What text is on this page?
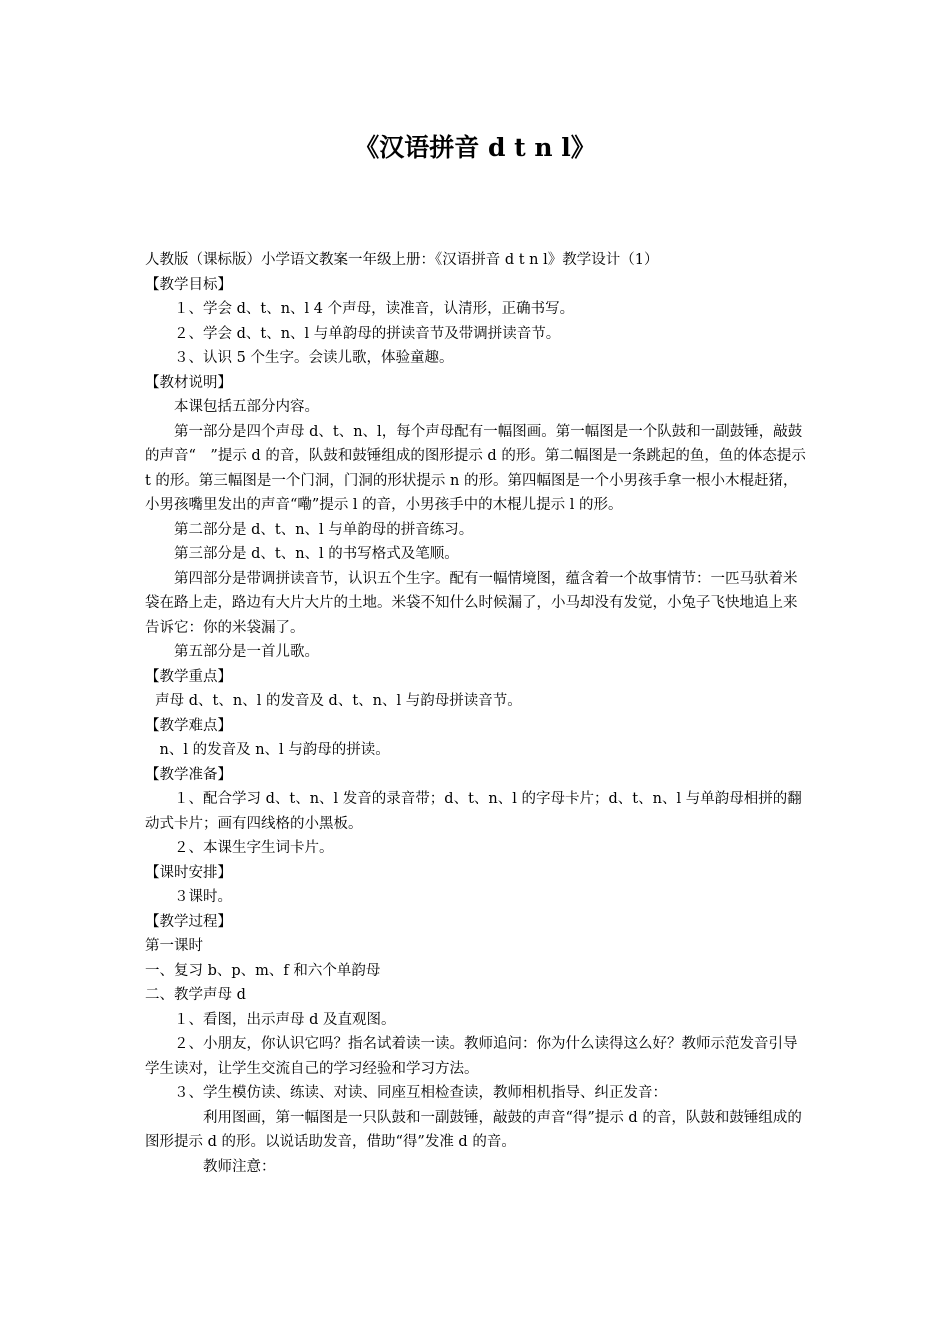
《汉语拼音 d t n l》

人教版（课标版）小学语文教案一年级上册：《汉语拼音 d t n l》教学设计（1）

【教学目标】

１、学会 d、t、n、l 4 个声母，读准音，认清形，正确书写。

２、学会 d、t、n、l 与单韵母的拼读音节及带调拼读音节。

３、认识 5 个生字。会读儿歌，体验童趣。

【教材说明】

本课包括五部分内容。

第一部分是四个声母 d、t、n、l，每个声母配有一幅图画。第一幅图是一个队鼓和一副鼓锤，敲鼓的声音“　”提示 d 的音，队鼓和鼓锤组成的图形提示 d 的形。第二幅图是一条跳起的鱼，鱼的体态提示 t 的形。第三幅图是一个门洞，门洞的形状提示 n 的形。第四幅图是一个小男孩手拿一根小木棍赶猪，小男孩嘴里发出的声音“嘞”提示 l 的音，小男孩手中的木棍儿提示 l 的形。

第二部分是 d、t、n、l 与单韵母的拼音练习。

第三部分是 d、t、n、l 的书写格式及笔顺。

第四部分是带调拼读音节，认识五个生字。配有一幅情境图，蕴含着一个故事情节：一匹马驮着米袋在路上走，路边有大片大片的土地。米袋不知什么时候漏了，小马却没有发觉，小兔子飞快地追上来告诉它：你的米袋漏了。

第五部分是一首儿歌。

【教学重点】

声母 d、t、n、l 的发音及 d、t、n、l 与韵母拼读音节。

【教学难点】

n、l 的发音及 n、l 与韵母的拼读。

【教学准备】

１、配合学习 d、t、n、l 发音的录音带；d、t、n、l 的字母卡片；d、t、n、l 与单韵母相拼的翻动式卡片；画有四线格的小黑板。

２、本课生字生词卡片。

【课时安排】

３课时。

【教学过程】

第一课时

一、复习 b、p、m、f 和六个单韵母

二、教学声母 d

１、看图，出示声母 d 及直观图。

２、小朋友，你认识它吗？指名试着读一读。教师追问：你为什么读得这么好？教师示范发音引导学生读对，让学生交流自己的学习经验和学习方法。

３、学生模仿读、练读、对读、同座互相检查读，教师相机指导、纠正发音：

利用图画，第一幅图是一只队鼓和一副鼓锤，敲鼓的声音“得”提示 d 的音，队鼓和鼓锤组成的图形提示 d 的形。以说话助发音，借助“得”发准 d 的音。

教师注意：
